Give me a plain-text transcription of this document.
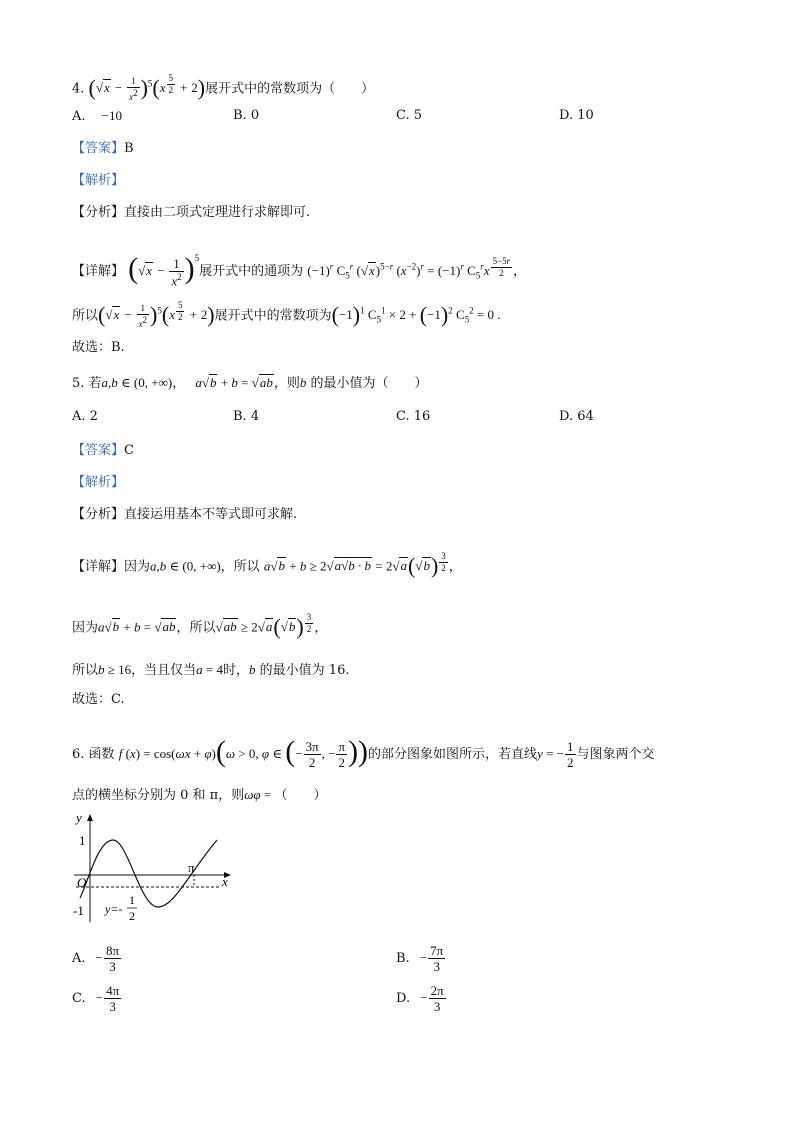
4. $(√x - \frac{1}{x^2} )^5(x$ $^{\frac{5}{2}}$ + 2)展开式中的常数项为（　　）
A. −10	B. 0	C. 5	D. 10
【答案】B
【解析】
【分析】直接由二项式定理进行求解即可.
【详解】 $(√x - \frac{1}{x^2} )^5$展开式中的通项为 $(-1)^r$ $C_5^r$ $(√x)^{5-r}$ $(x^{-2})^r = (-1)^r$ $C_5^rx$ $^{\frac{5-5r}{2}}$ ，
所以$(√x - \frac{1}{x^2} )^5(x$ $^{\frac{5}{2}}$ + 2)展开式中的常数项为$(-1)^1$ $C_5^1 \times 2 + (-1)^2$ $C_5^2 = 0$ .
故选：B.
5. 若a,b ∈ (0, +∞)， a√b + b = √ab，则b 的最小值为（　　）
A. 2	B. 4	C. 16	D. 64
【答案】C
【解析】
【分析】直接运用基本不等式即可求解.
【详解】因为a,b ∈ (0, +∞)，所以 a√b + b ≥ 2√a√b · b = 2√a(√b) $^{\frac{3}{2}}$ ，
因为a√b + b = √ab，所以√ab ≥ 2√a(√b) $^{\frac{3}{2}}$ ，
所以b ≥ 16，当且仅当a = 4时，b 的最小值为 16.
故选：C.
6. 函数 f (x) = cos(ωx + φ)(ω > 0, φ ∈ (− $\frac{3\pi}{2}$ , − $\frac{\pi}{2}$ ))的部分图象如图所示，若直线y = − $\frac{1}{2}$ 与图象两个交
点的横坐标分别为 0 和 π，则ωφ = （　　）
y
x
O
1
-1
π
y=-
1
2
A. − $\frac{8\pi}{3}$	B. − $\frac{7\pi}{3}$
C. − $\frac{4\pi}{3}$	D. − $\frac{2\pi}{3}$
